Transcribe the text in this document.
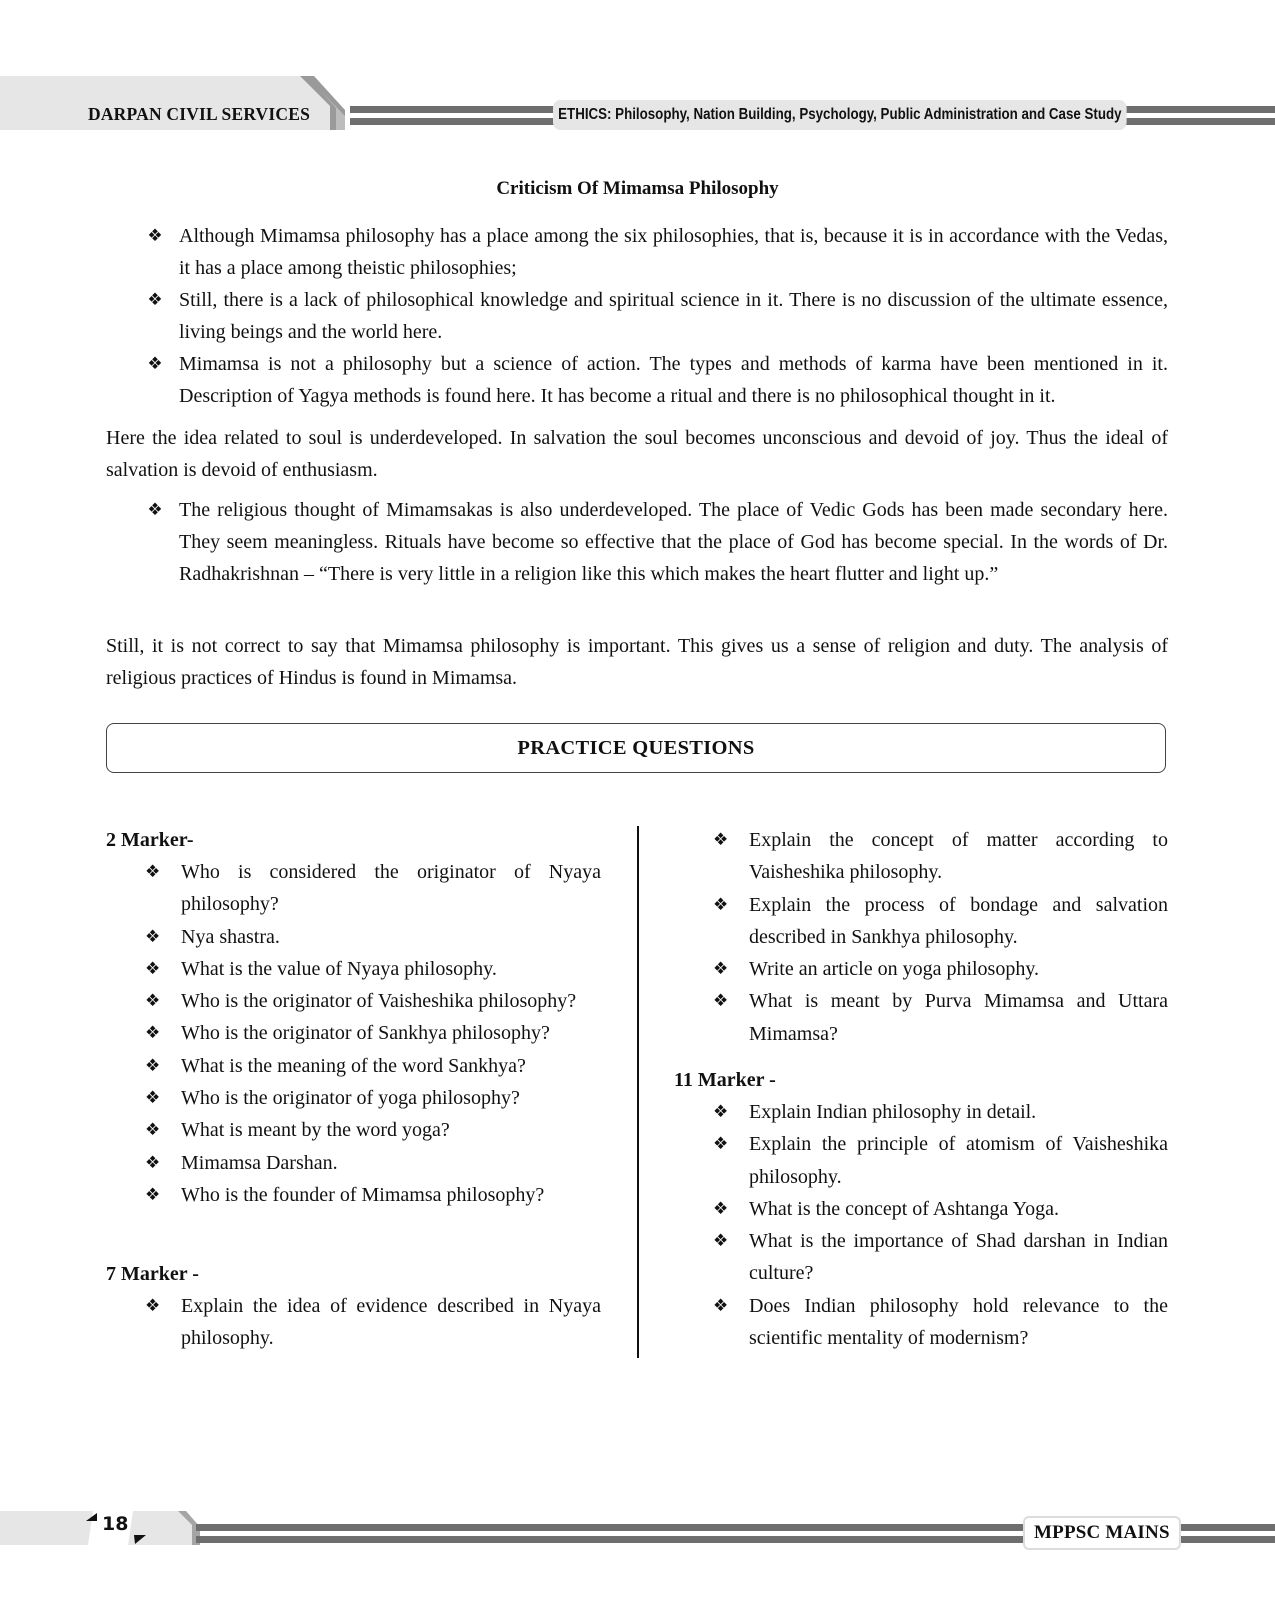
DARPAN CIVIL SERVICES	ETHICS: Philosophy, Nation Building, Psychology, Public Administration and Case Study
Criticism Of Mimamsa Philosophy
❖ Although Mimamsa philosophy has a place among the six philosophies, that is, because it is in accordance with the Vedas, it has a place among theistic philosophies;
❖ Still, there is a lack of philosophical knowledge and spiritual science in it. There is no discussion of the ultimate essence, living beings and the world here.
❖ Mimamsa is not a philosophy but a science of action. The types and methods of karma have been mentioned in it. Description of Yagya methods is found here. It has become a ritual and there is no philosophical thought in it.
Here the idea related to soul is underdeveloped. In salvation the soul becomes unconscious and devoid of joy. Thus the ideal of salvation is devoid of enthusiasm.
❖ The religious thought of Mimamsakas is also underdeveloped. The place of Vedic Gods has been made secondary here. They seem meaningless. Rituals have become so effective that the place of God has become special. In the words of Dr. Radhakrishnan – “There is very little in a religion like this which makes the heart flutter and light up.”
Still, it is not correct to say that Mimamsa philosophy is important. This gives us a sense of religion and duty. The analysis of religious practices of Hindus is found in Mimamsa.
PRACTICE QUESTIONS
2 Marker-
❖ Who is considered the originator of Nyaya philosophy?
❖ Nya shastra.
❖ What is the value of Nyaya philosophy.
❖ Who is the originator of Vaisheshika philosophy?
❖ Who is the originator of Sankhya philosophy?
❖ What is the meaning of the word Sankhya?
❖ Who is the originator of yoga philosophy?
❖ What is meant by the word yoga?
❖ Mimamsa Darshan.
❖ Who is the founder of Mimamsa philosophy?
7 Marker -
❖ Explain the idea of evidence described in Nyaya philosophy.
❖ Explain the concept of matter according to Vaisheshika philosophy.
❖ Explain the process of bondage and salvation described in Sankhya philosophy.
❖ Write an article on yoga philosophy.
❖ What is meant by Purva Mimamsa and Uttara Mimamsa?
11 Marker -
❖ Explain Indian philosophy in detail.
❖ Explain the principle of atomism of Vaisheshika philosophy.
❖ What is the concept of Ashtanga Yoga.
❖ What is the importance of Shad darshan in Indian culture?
❖ Does Indian philosophy hold relevance to the scientific mentality of modernism?
18	MPPSC MAINS
